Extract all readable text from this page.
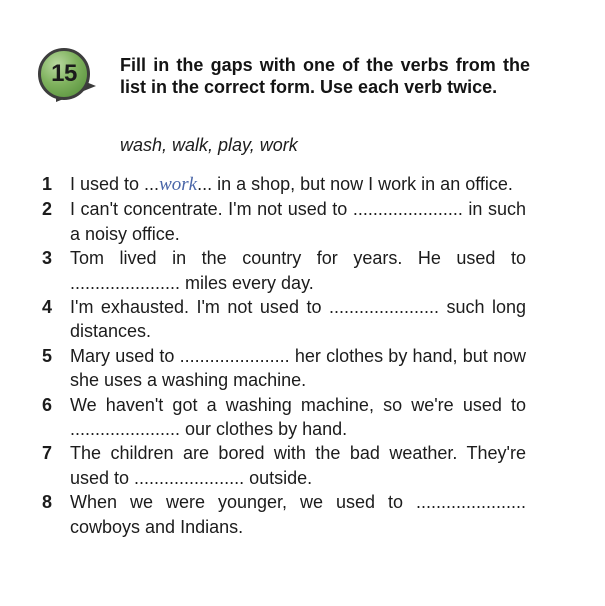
15 Fill in the gaps with one of the verbs from the list in the correct form. Use each verb twice.
wash, walk, play, work
1 I used to ...work... in a shop, but now I work in an office.
2 I can't concentrate. I'm not used to ...................... in such a noisy office.
3 Tom lived in the country for years. He used to ...................... miles every day.
4 I'm exhausted. I'm not used to ...................... such long distances.
5 Mary used to ...................... her clothes by hand, but now she uses a washing machine.
6 We haven't got a washing machine, so we're used to ...................... our clothes by hand.
7 The children are bored with the bad weather. They're used to ...................... outside.
8 When we were younger, we used to ...................... cowboys and Indians.
